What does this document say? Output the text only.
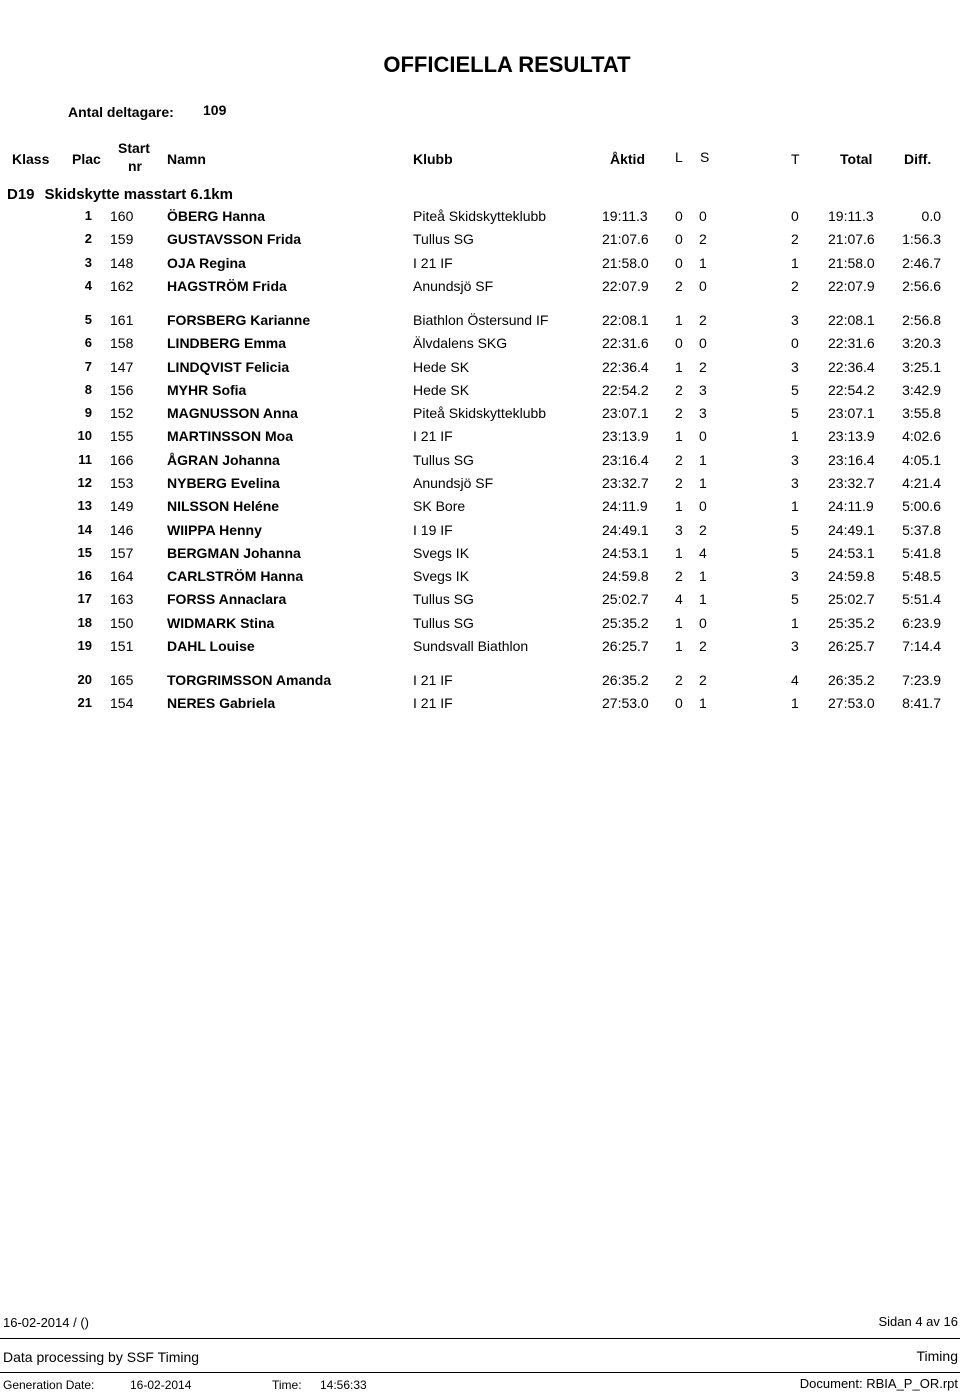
OFFICIELLA RESULTAT
Antal deltagare: 109
Klass Plac
Start
nr Namn	Klubb	Åktid L S	T	Total Diff.
D19 Skidskytte masstart 6.1km
1 160 ÖBERG Hanna	Piteå Skidskytteklubb	19:11.3 0 0	0 19:11.3	0.0
2 159 GUSTAVSSON Frida	Tullus SG	21:07.6 0 2	2 21:07.6	1:56.3
3 148 OJA Regina	I 21 IF	21:58.0 0 1	1 21:58.0	2:46.7
4 162 HAGSTRÖM Frida	Anundsjö SF	22:07.9 2 0	2 22:07.9	2:56.6
5 161 FORSBERG Karianne	Biathlon Östersund IF	22:08.1 1 2	3 22:08.1	2:56.8
6 158 LINDBERG Emma	Älvdalens SKG	22:31.6 0 0	0 22:31.6	3:20.3
7 147 LINDQVIST Felicia	Hede SK	22:36.4 1 2	3 22:36.4	3:25.1
8 156 MYHR Sofia	Hede SK	22:54.2 2 3	5 22:54.2	3:42.9
9 152 MAGNUSSON Anna	Piteå Skidskytteklubb	23:07.1 2 3	5 23:07.1	3:55.8
10 155 MARTINSSON Moa	I 21 IF	23:13.9 1 0	1 23:13.9	4:02.6
11 166 ÅGRAN Johanna	Tullus SG	23:16.4 2 1	3 23:16.4	4:05.1
12 153 NYBERG Evelina	Anundsjö SF	23:32.7 2 1	3 23:32.7	4:21.4
13 149 NILSSON Heléne	SK Bore	24:11.9 1 0	1 24:11.9	5:00.6
14 146 WIIPPA Henny	I 19 IF	24:49.1 3 2	5 24:49.1	5:37.8
15 157 BERGMAN Johanna	Svegs IK	24:53.1 1 4	5 24:53.1	5:41.8
16 164 CARLSTRÖM Hanna	Svegs IK	24:59.8 2 1	3 24:59.8	5:48.5
17 163 FORSS Annaclara	Tullus SG	25:02.7 4 1	5 25:02.7	5:51.4
18 150 WIDMARK Stina	Tullus SG	25:35.2 1 0	1 25:35.2	6:23.9
19 151 DAHL Louise	Sundsvall Biathlon	26:25.7 1 2	3 26:25.7	7:14.4
20 165 TORGRIMSSON Amanda	I 21 IF	26:35.2 2 2	4 26:35.2	7:23.9
21 154 NERES Gabriela	I 21 IF	27:53.0 0 1	1 27:53.0	8:41.7
16-02-2014 / ()	Sidan 4 av 16
Data processing by SSF Timing	Timing
Generation Date:	16-02-2014	Time: 14:56:33	Document: RBIA_P_OR.rpt
